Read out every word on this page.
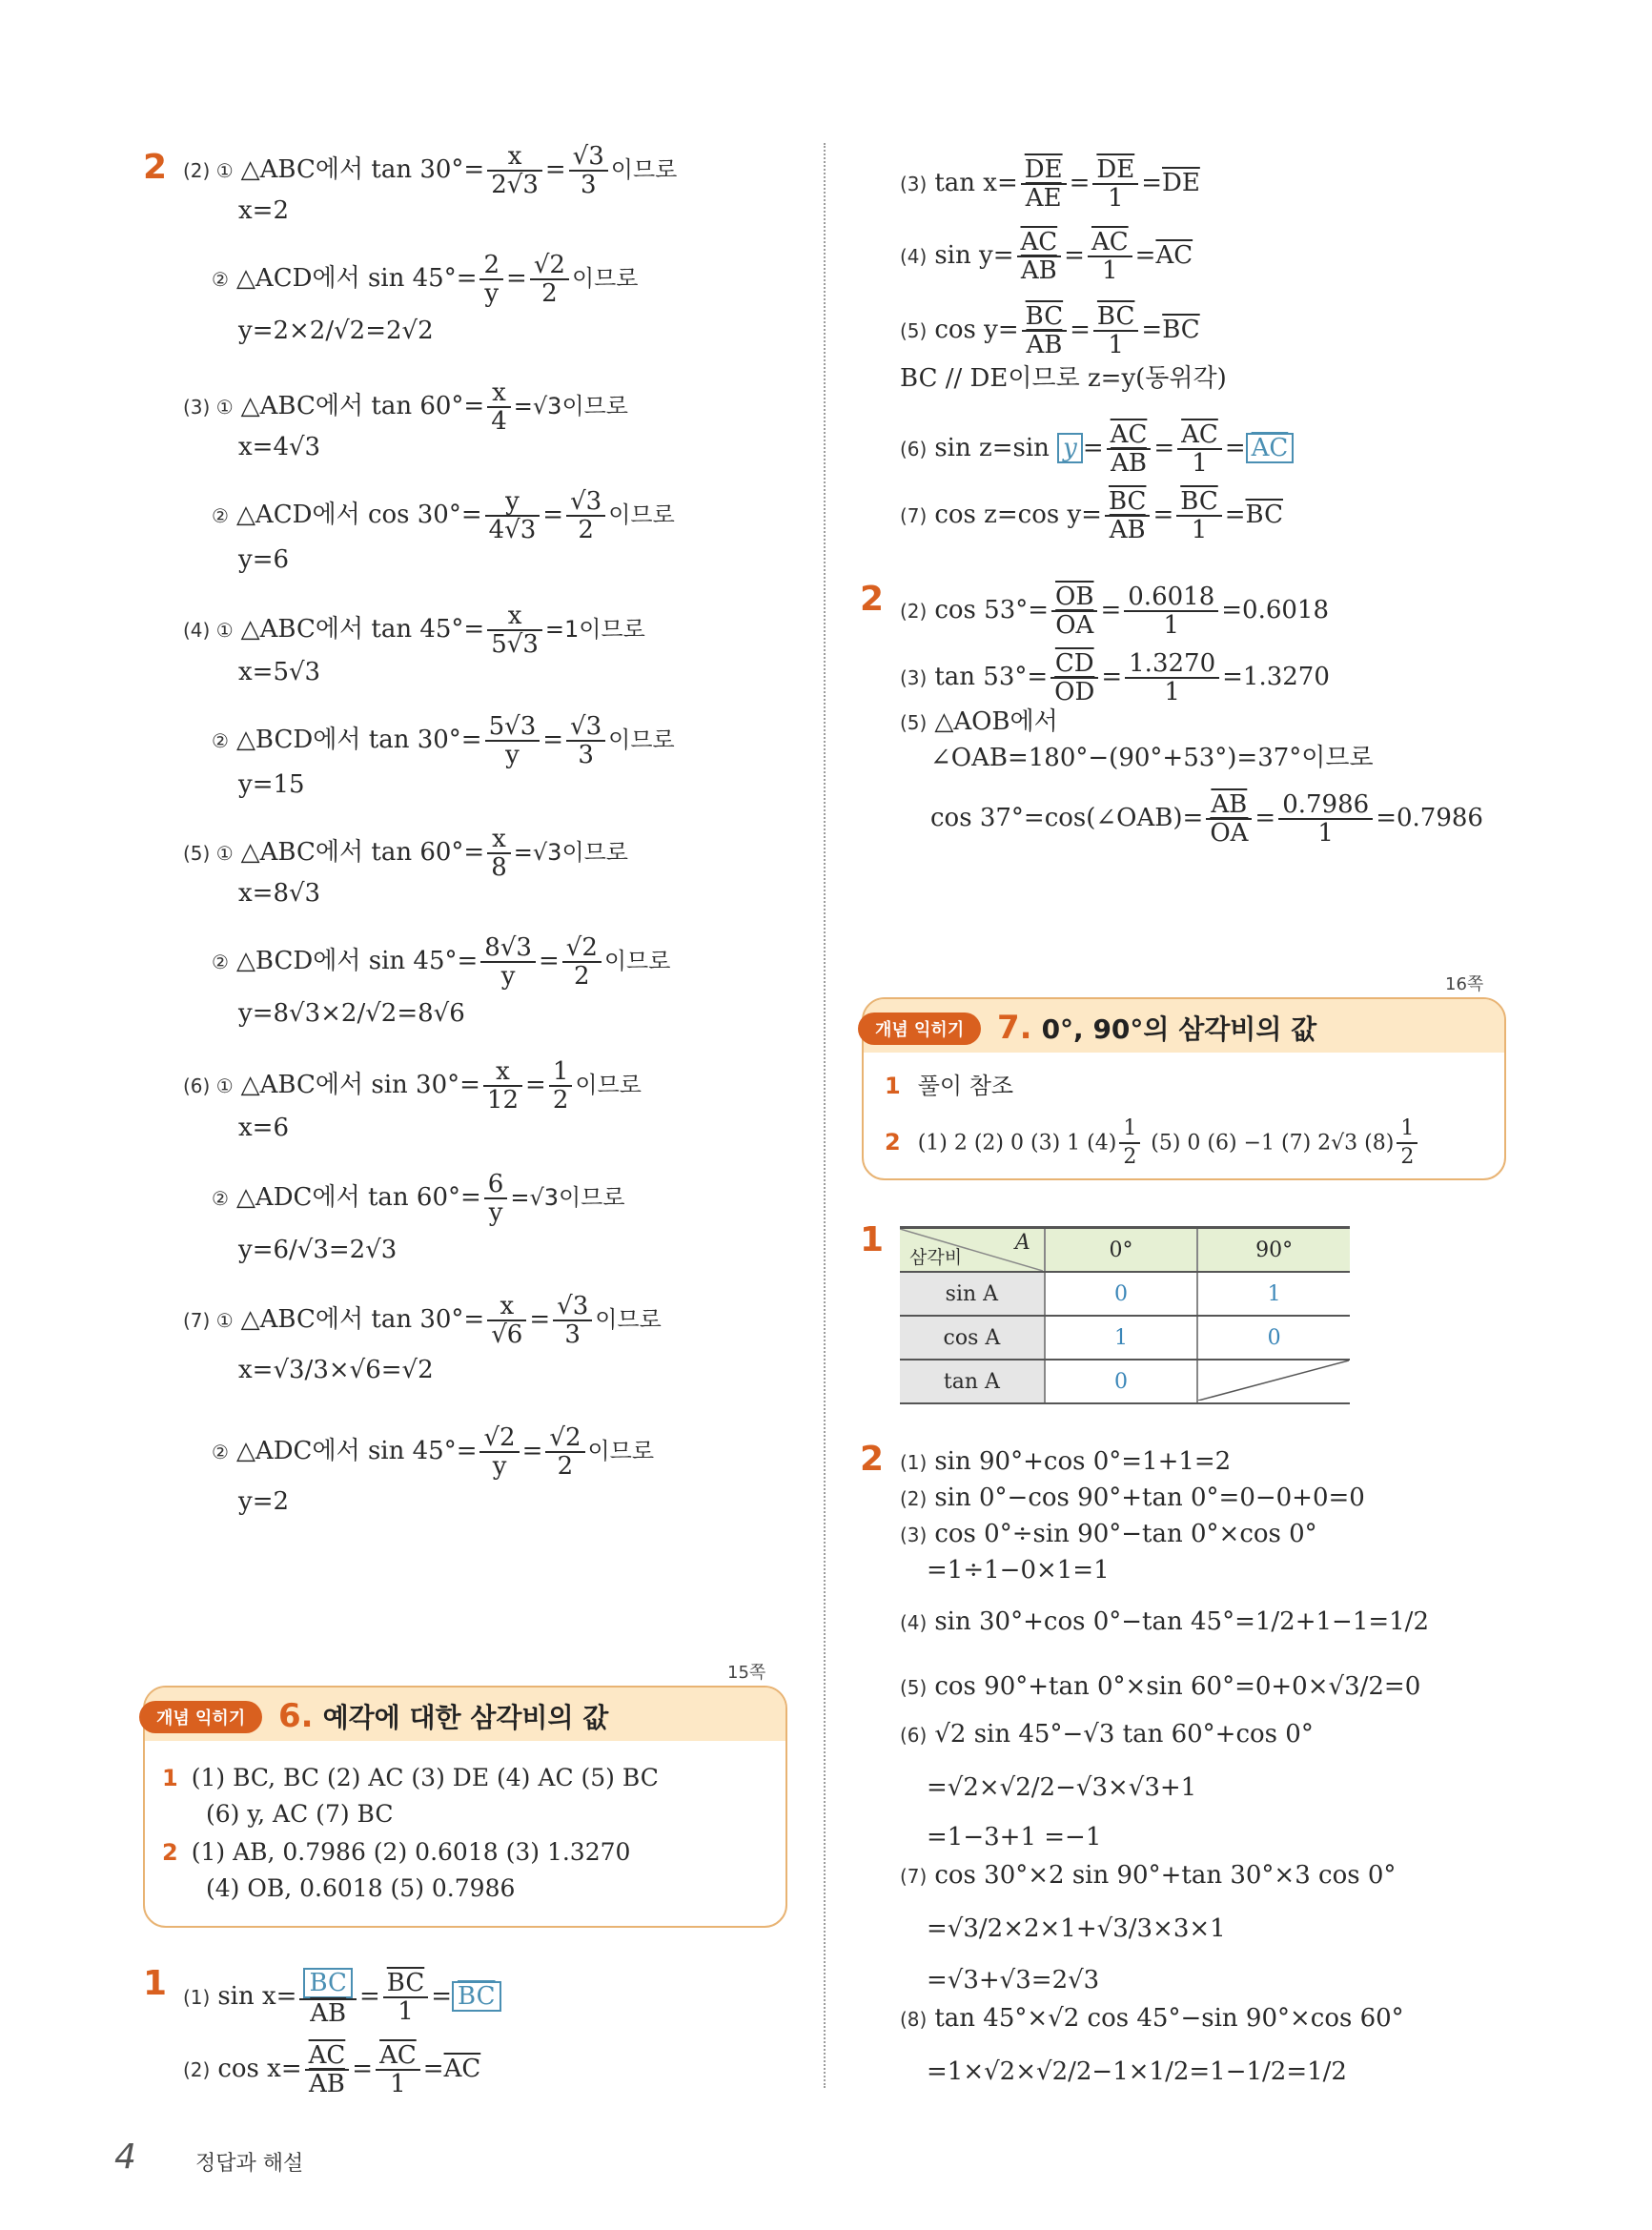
2 (2) ① △ABC에서 $\tan 30^\circ= \frac{x}{2√3} = \frac{√3}{3}$ 이므로
x=2
② △ACD에서 $\sin 45^\circ= \frac{2}{y} = \frac{√2}{2}$ 이므로
y=2×2/√2=2√2
(3) ① △ABC에서 $\tan 60^\circ= \frac{x}{4} =√3$이므로
x=4√3
② △ACD에서 $\cos 30^\circ= \frac{y}{4√3} = \frac{√3}{2}$ 이므로
y=6
(4) ① △ABC에서 $\tan 45^\circ= \frac{x}{5√3} =1$이므로
x=5√3
② △BCD에서 $\tan 30^\circ= \frac{5√3}{y} = \frac{√3}{3}$ 이므로
y=15
(5) ① △ABC에서 $\tan 60^\circ= \frac{x}{8} =√3$이므로
x=8√3
② △BCD에서 $\sin 45^\circ= \frac{8√3}{y} = \frac{√2}{2}$ 이므로
y=8√3×2/√2=8√6
(6) ① △ABC에서 $\sin 30^\circ= \frac{x}{12} = \frac{1}{2}$ 이므로
x=6
② △ADC에서 $\tan 60^\circ= \frac{6}{y} =√3$이므로
y=6/√3=2√3
(7) ① △ABC에서 $\tan 30^\circ= \frac{x}{√6} = \frac{√3}{3}$ 이므로
x=√3/3×√6=√2
② △ADC에서 $\sin 45^\circ= \frac{√2}{y} = \frac{√2}{2}$ 이므로
y=2
15쪽
개념 익히기	6. 예각에 대한 삼각비의 값
1 (1) BC, BC (2) AC (3) DE (4) AC (5) BC
(6) y, AC (7) BC
2 (1) AB, 0.7986 (2) 0.6018 (3) 1.3270
(4) OB, 0.6018 (5) 0.7986
1 (1) $\sin x= \frac{\overline{BC}}{AB} = \frac{\overline{BC}}{1} = \overline{BC}$
(2) $\cos x= \frac{\overline{AC}}{AB} = \frac{\overline{AC}}{1} =\overline{AC}$
(3) $\tan x= \frac{\overline{DE}}{AE} = \frac{\overline{DE}}{1} =\overline{DE}$
(4) $\sin y= \frac{\overline{AC}}{AB} = \frac{\overline{AC}}{1} =\overline{AC}$
(5) $\cos y= \frac{\overline{BC}}{AB} = \frac{\overline{BC}}{1} =\overline{BC}$
BC // DE이므로 z=y(동위각)
(6) sin z=sin $y = \frac{\overline{AC}}{AB} = \frac{\overline{AC}}{1} = \overline{AC}$
(7) cos z=cos $y= \frac{\overline{BC}}{AB} = \frac{\overline{BC}}{1} =\overline{BC}$
2 (2) $\cos 53^\circ= \frac{\overline{OB}}{OA} = \frac{0.6018}{1} =0.6018$
(3) $\tan 53^\circ= \frac{\overline{CD}}{OD} = \frac{1.3270}{1} =1.3270$
(5) △AOB에서
∠OAB=180°−(90°+53°)=37°이므로
cos 37°=cos(∠OAB)= $\frac{\overline{AB}}{OA} = \frac{0.7986}{1} =0.7986$
16쪽
개념 익히기	7. 0°, 90°의 삼각비의 값
1 풀이 참조
2 (1) 2 (2) 0 (3) 1 $(4) \frac{1}{2} (5)$ 0 (6) −1 (7) 2√3 $(8) \frac{1}{2}$
1	A
삼각비	0°	90°
sin A	0	1
cos A	1	0
tan A	0	
2 (1) sin 90°+cos 0°=1+1=2
(2) sin 0°−cos 90°+tan 0°=0−0+0=0
(3) cos 0°÷sin 90°−tan 0°×cos 0°
=1÷1−0×1=1
(4) sin 30°+cos 0°−tan 45°=1/2+1−1=1/2
(5) cos 90°+tan 0°×sin 60°=0+0×√3/2=0
(6) √2 sin 45°−√3 tan 60°+cos 0°
=√2×√2/2−√3×√3+1
=1−3+1 =−1
(7) cos 30°×2 sin 90°+tan 30°×3 cos 0°
=√3/2×2×1+√3/3×3×1
=√3+√3=2√3
(8) tan 45°×√2 cos 45°−sin 90°×cos 60°
=1×√2×√2/2−1×1/2=1−1/2=1/2
4	정답과 해설
